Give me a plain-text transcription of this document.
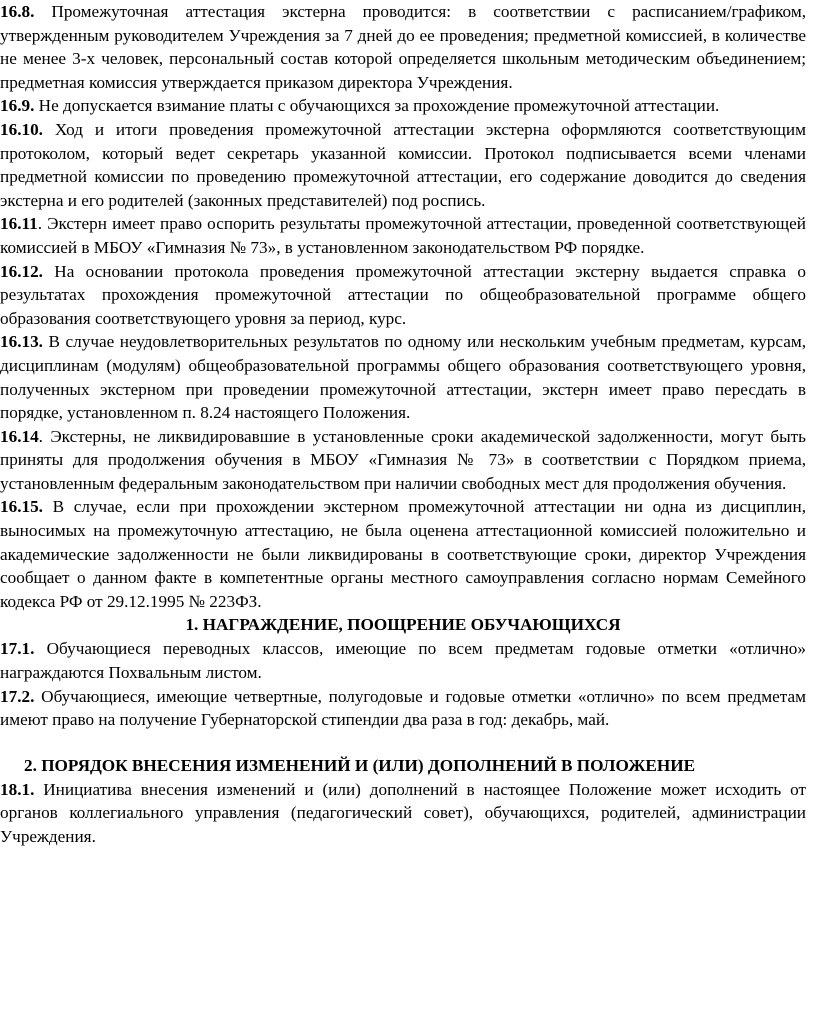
16.8. Промежуточная аттестация экстерна проводится: в соответствии с расписанием/графиком, утвержденным руководителем Учреждения за 7 дней до ее проведения; предметной комиссией, в количестве не менее 3-х человек, персональный состав которой определяется школьным методическим объединением; предметная комиссия утверждается приказом директора Учреждения.

16.9. Не допускается взимание платы с обучающихся за прохождение промежуточной аттестации.

16.10. Ход и итоги проведения промежуточной аттестации экстерна оформляются соответствующим протоколом, который ведет секретарь указанной комиссии. Протокол подписывается всеми членами предметной комиссии по проведению промежуточной аттестации, его содержание доводится до сведения экстерна и его родителей (законных представителей) под роспись.

16.11. Экстерн имеет право оспорить результаты промежуточной аттестации, проведенной соответствующей комиссией в МБОУ «Гимназия № 73», в установленном законодательством РФ порядке.

16.12. На основании протокола проведения промежуточной аттестации экстерну выдается справка о результатах прохождения промежуточной аттестации по общеобразовательной программе общего образования соответствующего уровня за период, курс.

16.13. В случае неудовлетворительных результатов по одному или нескольким учебным предметам, курсам, дисциплинам (модулям) общеобразовательной программы общего образования соответствующего уровня, полученных экстерном при проведении промежуточной аттестации, экстерн имеет право пересдать в порядке, установленном п. 8.24 настоящего Положения.

16.14. Экстерны, не ликвидировавшие в установленные сроки академической задолженности, могут быть приняты для продолжения обучения в МБОУ «Гимназия № 73» в соответствии с Порядком приема, установленным федеральным законодательством при наличии свободных мест для продолжения обучения.

16.15. В случае, если при прохождении экстерном промежуточной аттестации ни одна из дисциплин, выносимых на промежуточную аттестацию, не была оценена аттестационной комиссией положительно и академические задолженности не были ликвидированы в соответствующие сроки, директор Учреждения сообщает о данном факте в компетентные органы местного самоуправления согласно нормам Семейного кодекса РФ от 29.12.1995 № 223ФЗ.

1. НАГРАЖДЕНИЕ, ПООЩРЕНИЕ ОБУЧАЮЩИХСЯ

17.1. Обучающиеся переводных классов, имеющие по всем предметам годовые отметки «отлично» награждаются Похвальным листом.

17.2. Обучающиеся, имеющие четвертные, полугодовые и годовые отметки «отлично» по всем предметам имеют право на получение Губернаторской стипендии два раза в год: декабрь, май.

2. ПОРЯДОК ВНЕСЕНИЯ ИЗМЕНЕНИЙ И (ИЛИ) ДОПОЛНЕНИЙ В ПОЛОЖЕНИЕ

18.1. Инициатива внесения изменений и (или) дополнений в настоящее Положение может исходить от органов коллегиального управления (педагогический совет), обучающихся, родителей, администрации Учреждения.
